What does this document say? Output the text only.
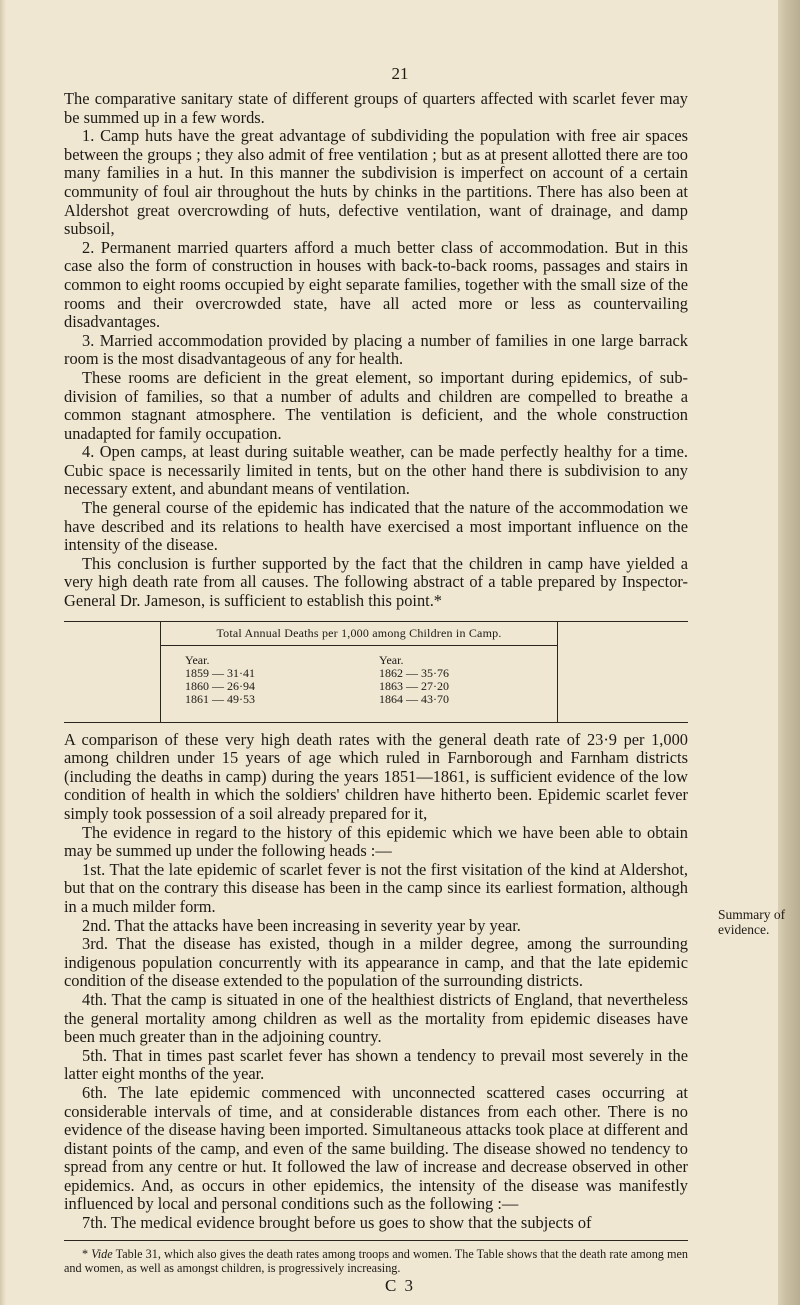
21

The comparative sanitary state of different groups of quarters affected with scarlet fever may be summed up in a few words.

1. Camp huts have the great advantage of subdividing the population with free air spaces between the groups ; they also admit of free ventilation ; but as at present allotted there are too many families in a hut. In this manner the subdivision is imperfect on account of a certain community of foul air throughout the huts by chinks in the partitions. There has also been at Aldershot great overcrowding of huts, defective ventilation, want of drainage, and damp subsoil,

2. Permanent married quarters afford a much better class of accommodation. But in this case also the form of construction in houses with back-to-back rooms, passages and stairs in common to eight rooms occupied by eight separate families, together with the small size of the rooms and their overcrowded state, have all acted more or less as countervailing disadvantages.

3. Married accommodation provided by placing a number of families in one large barrack room is the most disadvantageous of any for health.

These rooms are deficient in the great element, so important during epidemics, of sub-division of families, so that a number of adults and children are compelled to breathe a common stagnant atmosphere. The ventilation is deficient, and the whole construction unadapted for family occupation.

4. Open camps, at least during suitable weather, can be made perfectly healthy for a time. Cubic space is necessarily limited in tents, but on the other hand there is subdivision to any necessary extent, and abundant means of ventilation.

The general course of the epidemic has indicated that the nature of the accommodation we have described and its relations to health have exercised a most important influence on the intensity of the disease.

This conclusion is further supported by the fact that the children in camp have yielded a very high death rate from all causes. The following abstract of a table prepared by Inspector-General Dr. Jameson, is sufficient to establish this point.*

Total Annual Deaths per 1,000 among Children in Camp.
Year.
1859 — 31·41
1860 — 26·94
1861 — 49·53
Year.
1862 — 35·76
1863 — 27·20
1864 — 43·70

A comparison of these very high death rates with the general death rate of 23·9 per 1,000 among children under 15 years of age which ruled in Farnborough and Farnham districts (including the deaths in camp) during the years 1851—1861, is sufficient evidence of the low condition of health in which the soldiers' children have hitherto been. Epidemic scarlet fever simply took possession of a soil already prepared for it,

The evidence in regard to the history of this epidemic which we have been able to obtain may be summed up under the following heads :—

1st. That the late epidemic of scarlet fever is not the first visitation of the kind at Aldershot, but that on the contrary this disease has been in the camp since its earliest formation, although in a much milder form.

2nd. That the attacks have been increasing in severity year by year.

3rd. That the disease has existed, though in a milder degree, among the surrounding indigenous population concurrently with its appearance in camp, and that the late epidemic condition of the disease extended to the population of the surrounding districts.

4th. That the camp is situated in one of the healthiest districts of England, that nevertheless the general mortality among children as well as the mortality from epidemic diseases have been much greater than in the adjoining country.

5th. That in times past scarlet fever has shown a tendency to prevail most severely in the latter eight months of the year.

6th. The late epidemic commenced with unconnected scattered cases occurring at considerable intervals of time, and at considerable distances from each other. There is no evidence of the disease having been imported. Simultaneous attacks took place at different and distant points of the camp, and even of the same building. The disease showed no tendency to spread from any centre or hut. It followed the law of increase and decrease observed in other epidemics. And, as occurs in other epidemics, the intensity of the disease was manifestly influenced by local and personal conditions such as the following :—

7th. The medical evidence brought before us goes to show that the subjects of

Summary of evidence.
* Vide Table 31, which also gives the death rates among troops and women. The Table shows that the death rate among men and women, as well as amongst children, is progressively increasing.
C 3
